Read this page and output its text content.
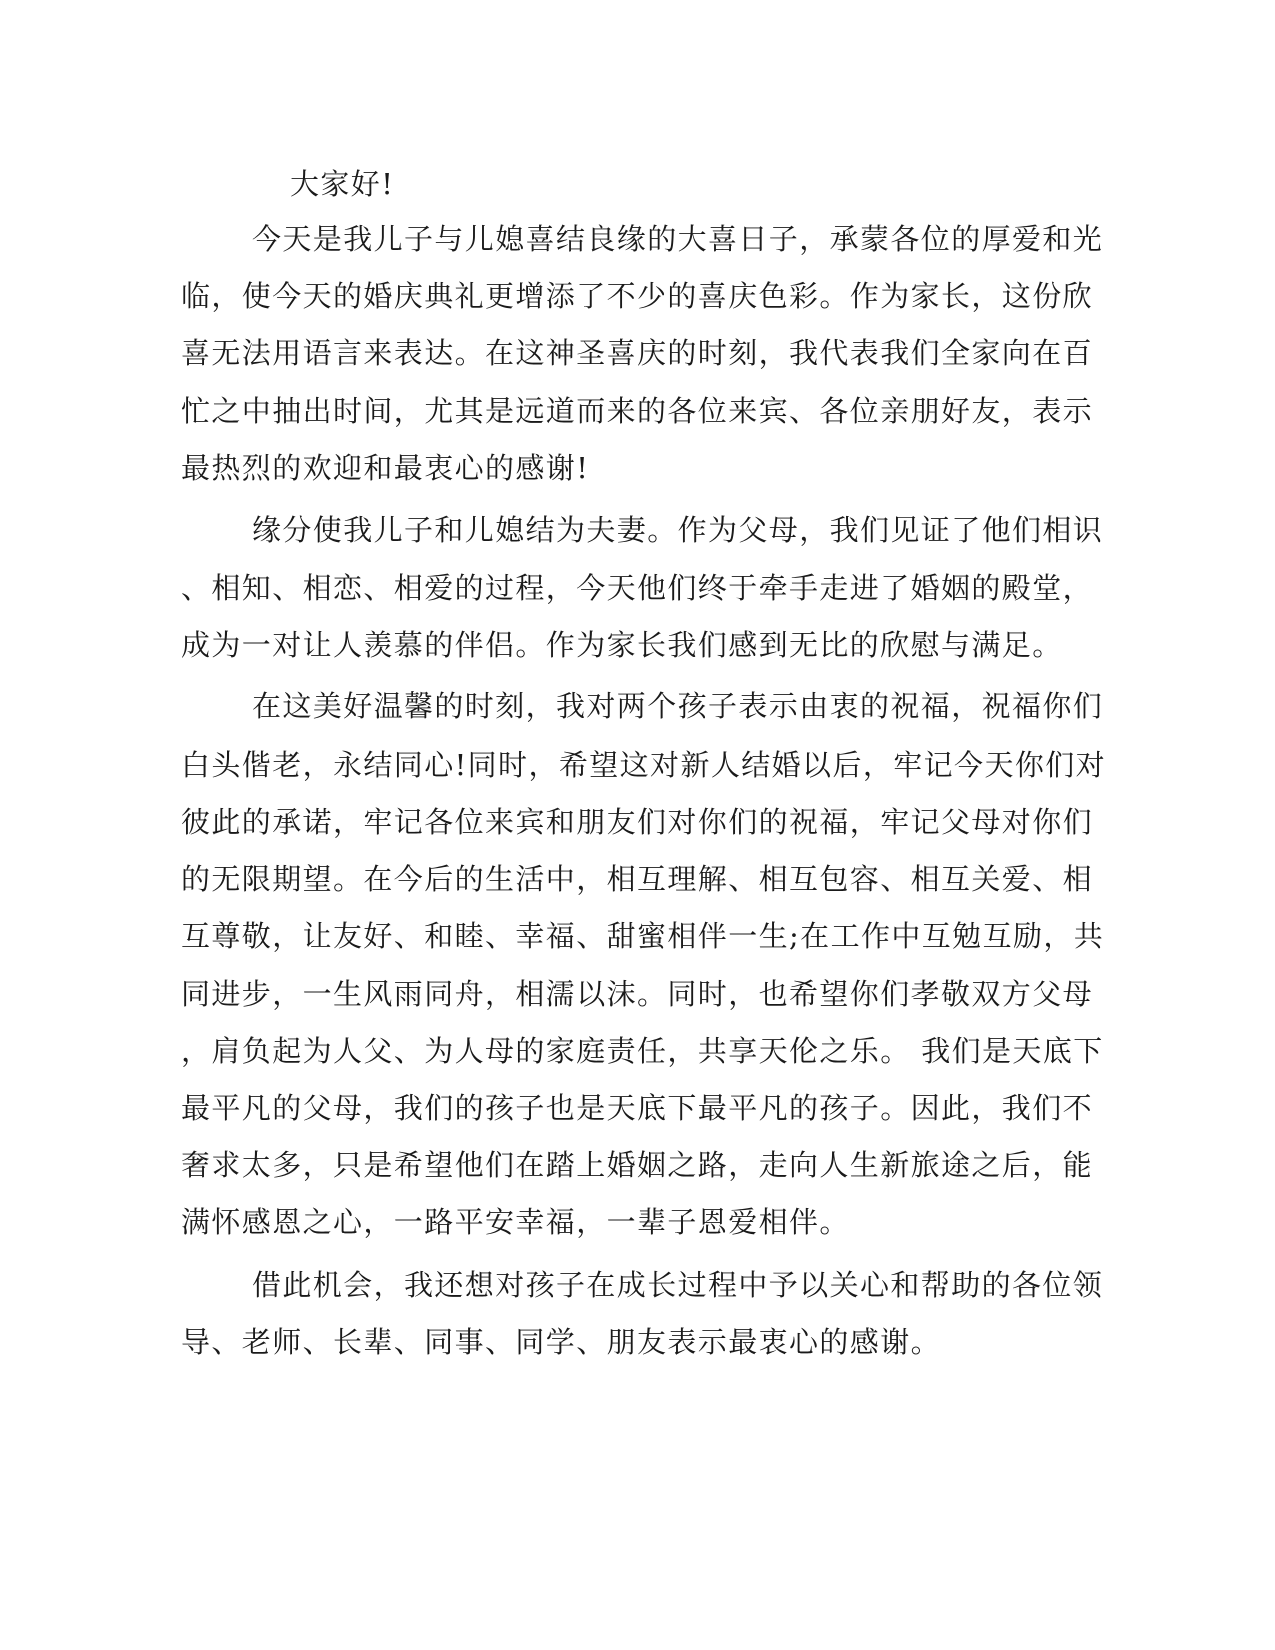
大家好!

今天是我儿子与儿媳喜结良缘的大喜日子，承蒙各位的厚爱和光

临，使今天的婚庆典礼更增添了不少的喜庆色彩。作为家长，这份欣

喜无法用语言来表达。在这神圣喜庆的时刻，我代表我们全家向在百

忙之中抽出时间，尤其是远道而来的各位来宾、各位亲朋好友，表示

最热烈的欢迎和最衷心的感谢!

缘分使我儿子和儿媳结为夫妻。作为父母，我们见证了他们相识

、相知、相恋、相爱的过程，今天他们终于牵手走进了婚姻的殿堂，

成为一对让人羡慕的伴侣。作为家长我们感到无比的欣慰与满足。

在这美好温馨的时刻，我对两个孩子表示由衷的祝福，祝福你们

白头偕老，永结同心!同时，希望这对新人结婚以后，牢记今天你们对

彼此的承诺，牢记各位来宾和朋友们对你们的祝福，牢记父母对你们

的无限期望。在今后的生活中，相互理解、相互包容、相互关爱、相

互尊敬，让友好、和睦、幸福、甜蜜相伴一生;在工作中互勉互励，共

同进步，一生风雨同舟，相濡以沫。同时，也希望你们孝敬双方父母

，肩负起为人父、为人母的家庭责任，共享天伦之乐。 我们是天底下

最平凡的父母，我们的孩子也是天底下最平凡的孩子。因此，我们不

奢求太多，只是希望他们在踏上婚姻之路，走向人生新旅途之后，能

满怀感恩之心，一路平安幸福，一辈子恩爱相伴。

借此机会，我还想对孩子在成长过程中予以关心和帮助的各位领

导、老师、长辈、同事、同学、朋友表示最衷心的感谢。
